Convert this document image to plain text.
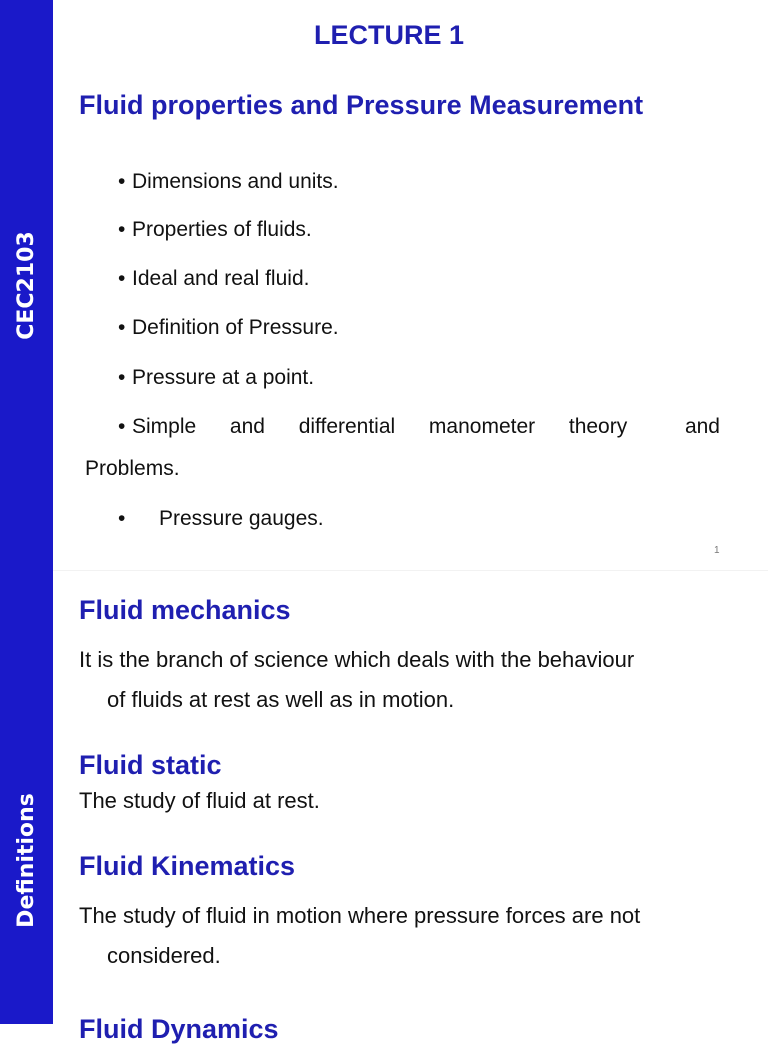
CEC2103
Definitions
LECTURE 1
Fluid properties and Pressure Measurement
• Dimensions and units.
• Properties of fluids.
• Ideal and real fluid.
• Definition of Pressure.
• Pressure at a point.
• Simple and differential manometer theory	and
Problems.
• Pressure gauges.
1
Fluid mechanics
It is the branch of science which deals with the behaviour
of fluids at rest as well as in motion.
Fluid static
The study of fluid at rest.
Fluid Kinematics
The study of fluid in motion where pressure forces are not
considered.
Fluid Dynamics
